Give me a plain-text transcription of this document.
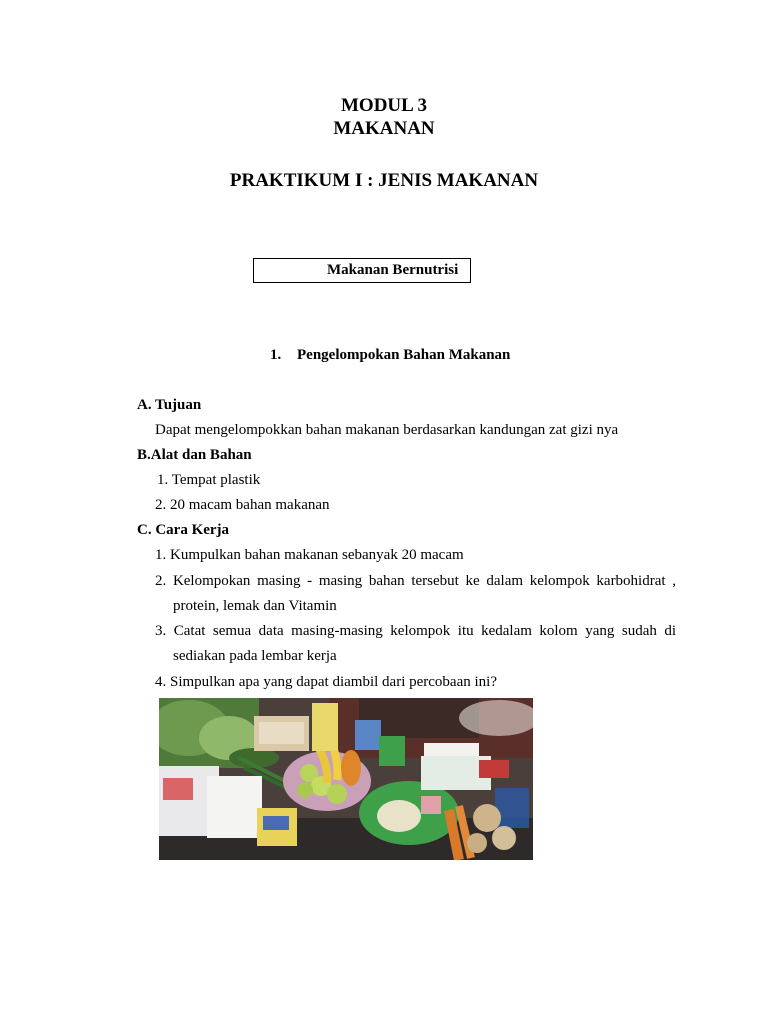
MODUL 3
MAKANAN
PRAKTIKUM I : JENIS MAKANAN
Makanan Bernutrisi
1. Pengelompokan Bahan Makanan
A. Tujuan
Dapat mengelompokkan bahan makanan berdasarkan kandungan zat gizi nya
B.Alat dan Bahan
1. Tempat plastik
2. 20 macam bahan makanan
C. Cara Kerja
1. Kumpulkan bahan makanan sebanyak 20 macam
2. Kelompokan masing - masing bahan tersebut ke dalam kelompok karbohidrat ,
protein, lemak dan Vitamin
3. Catat semua data masing-masing kelompok itu kedalam kolom yang sudah di
sediakan pada lembar kerja
4. Simpulkan apa yang dapat diambil dari percobaan ini?
